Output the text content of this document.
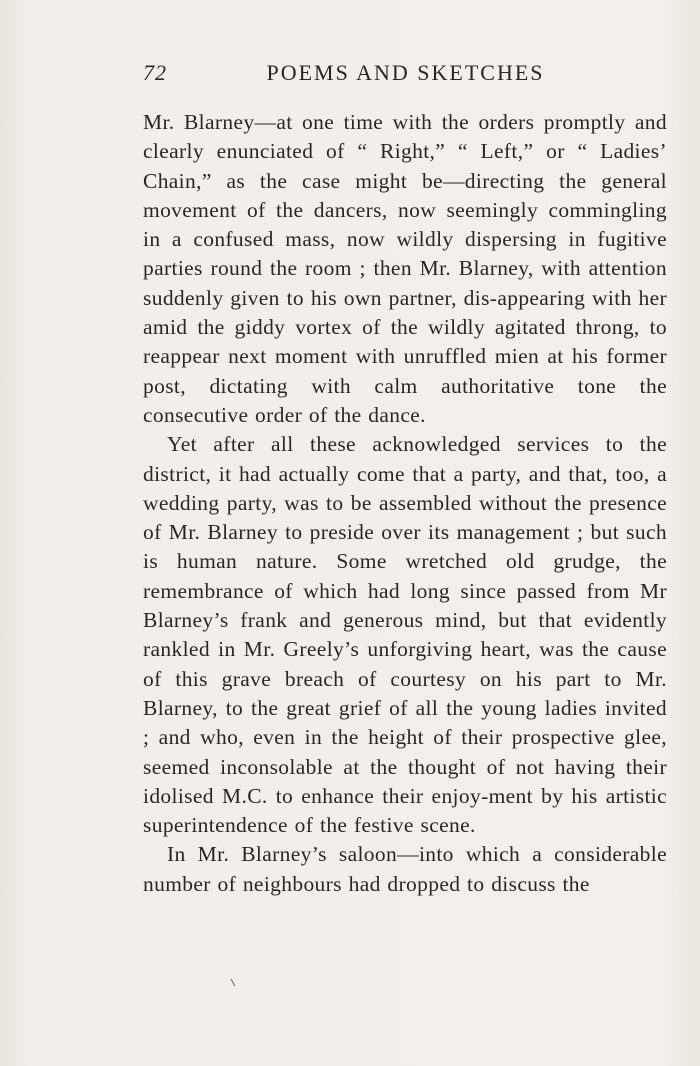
72	POEMS AND SKETCHES

Mr. Blarney—at one time with the orders promptly and clearly enunciated of “ Right,” “ Left,” or “ Ladies’ Chain,” as the case might be—directing the general movement of the dancers, now seemingly commingling in a confused mass, now wildly dispersing in fugitive parties round the room ; then Mr. Blarney, with attention suddenly given to his own partner, dis-appearing with her amid the giddy vortex of the wildly agitated throng, to reappear next moment with unruffled mien at his former post, dictating with calm authoritative tone the consecutive order of the dance.

Yet after all these acknowledged services to the district, it had actually come that a party, and that, too, a wedding party, was to be assembled without the presence of Mr. Blarney to preside over its management ; but such is human nature. Some wretched old grudge, the remembrance of which had long since passed from Mr Blarney’s frank and generous mind, but that evidently rankled in Mr. Greely’s unforgiving heart, was the cause of this grave breach of courtesy on his part to Mr. Blarney, to the great grief of all the young ladies invited ; and who, even in the height of their prospective glee, seemed inconsolable at the thought of not having their idolised M.C. to enhance their enjoy-ment by his artistic superintendence of the festive scene.

In Mr. Blarney’s saloon—into which a considerable number of neighbours had dropped to discuss the
